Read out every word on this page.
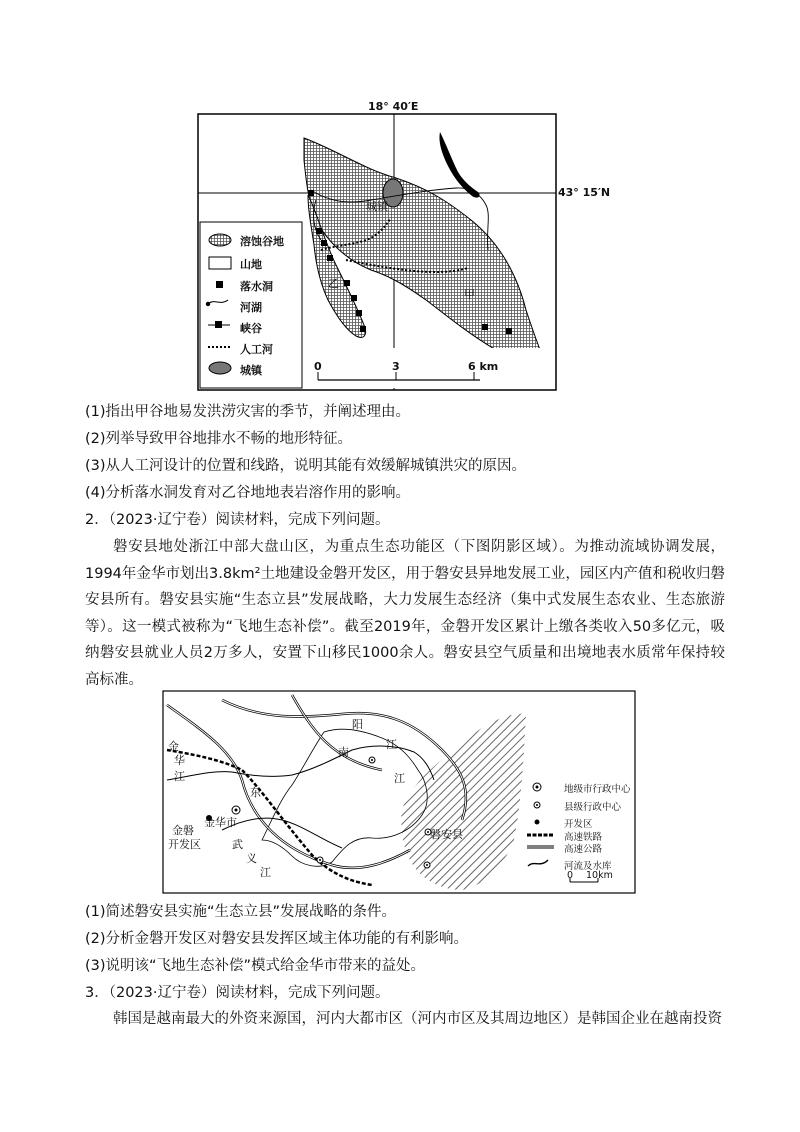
18° 40′E
43° 15′N
城镇
甲
乙
溶蚀谷地
山地
落水洞
河湖
峡谷
人工河
城镇	0	3	6 km
(1)指出甲谷地易发洪涝灾害的季节，并阐述理由。
(2)列举导致甲谷地排水不畅的地形特征。
(3)从人工河设计的位置和线路，说明其能有效缓解城镇洪灾的原因。
(4)分析落水洞发育对乙谷地地表岩溶作用的影响。
2．（2023·辽宁卷）阅读材料，完成下列问题。
磐安县地处浙江中部大盘山区，为重点生态功能区（下图阴影区域）。为推动流域协调发展，1994年金华市划出3.8km²土地建设金磐开发区，用于磐安县异地发展工业，园区内产值和税收归磐安县所有。磐安县实施“生态立县”发展战略，大力发展生态经济（集中式发展生态农业、生态旅游等）。这一模式被称为“飞地生态补偿”。截至2019年，金磐开发区累计上缴各类收入50多亿元，吸纳磐安县就业人员2万多人，安置下山移民1000余人。磐安县空气质量和出境地表水质常年保持较高标准。
金
华
江
东
阳
江
南
江
武
义
江
金磐
开发区
金华市
磐安县
地级市行政中心
县级行政中心
开发区
高速铁路
高速公路
河流及水库
0 10km
(1)简述磐安县实施“生态立县”发展战略的条件。
(2)分析金磐开发区对磐安县发挥区域主体功能的有利影响。
(3)说明该“飞地生态补偿”模式给金华市带来的益处。
3．（2023·辽宁卷）阅读材料，完成下列问题。
韩国是越南最大的外资来源国，河内大都市区（河内市区及其周边地区）是韩国企业在越南投资
